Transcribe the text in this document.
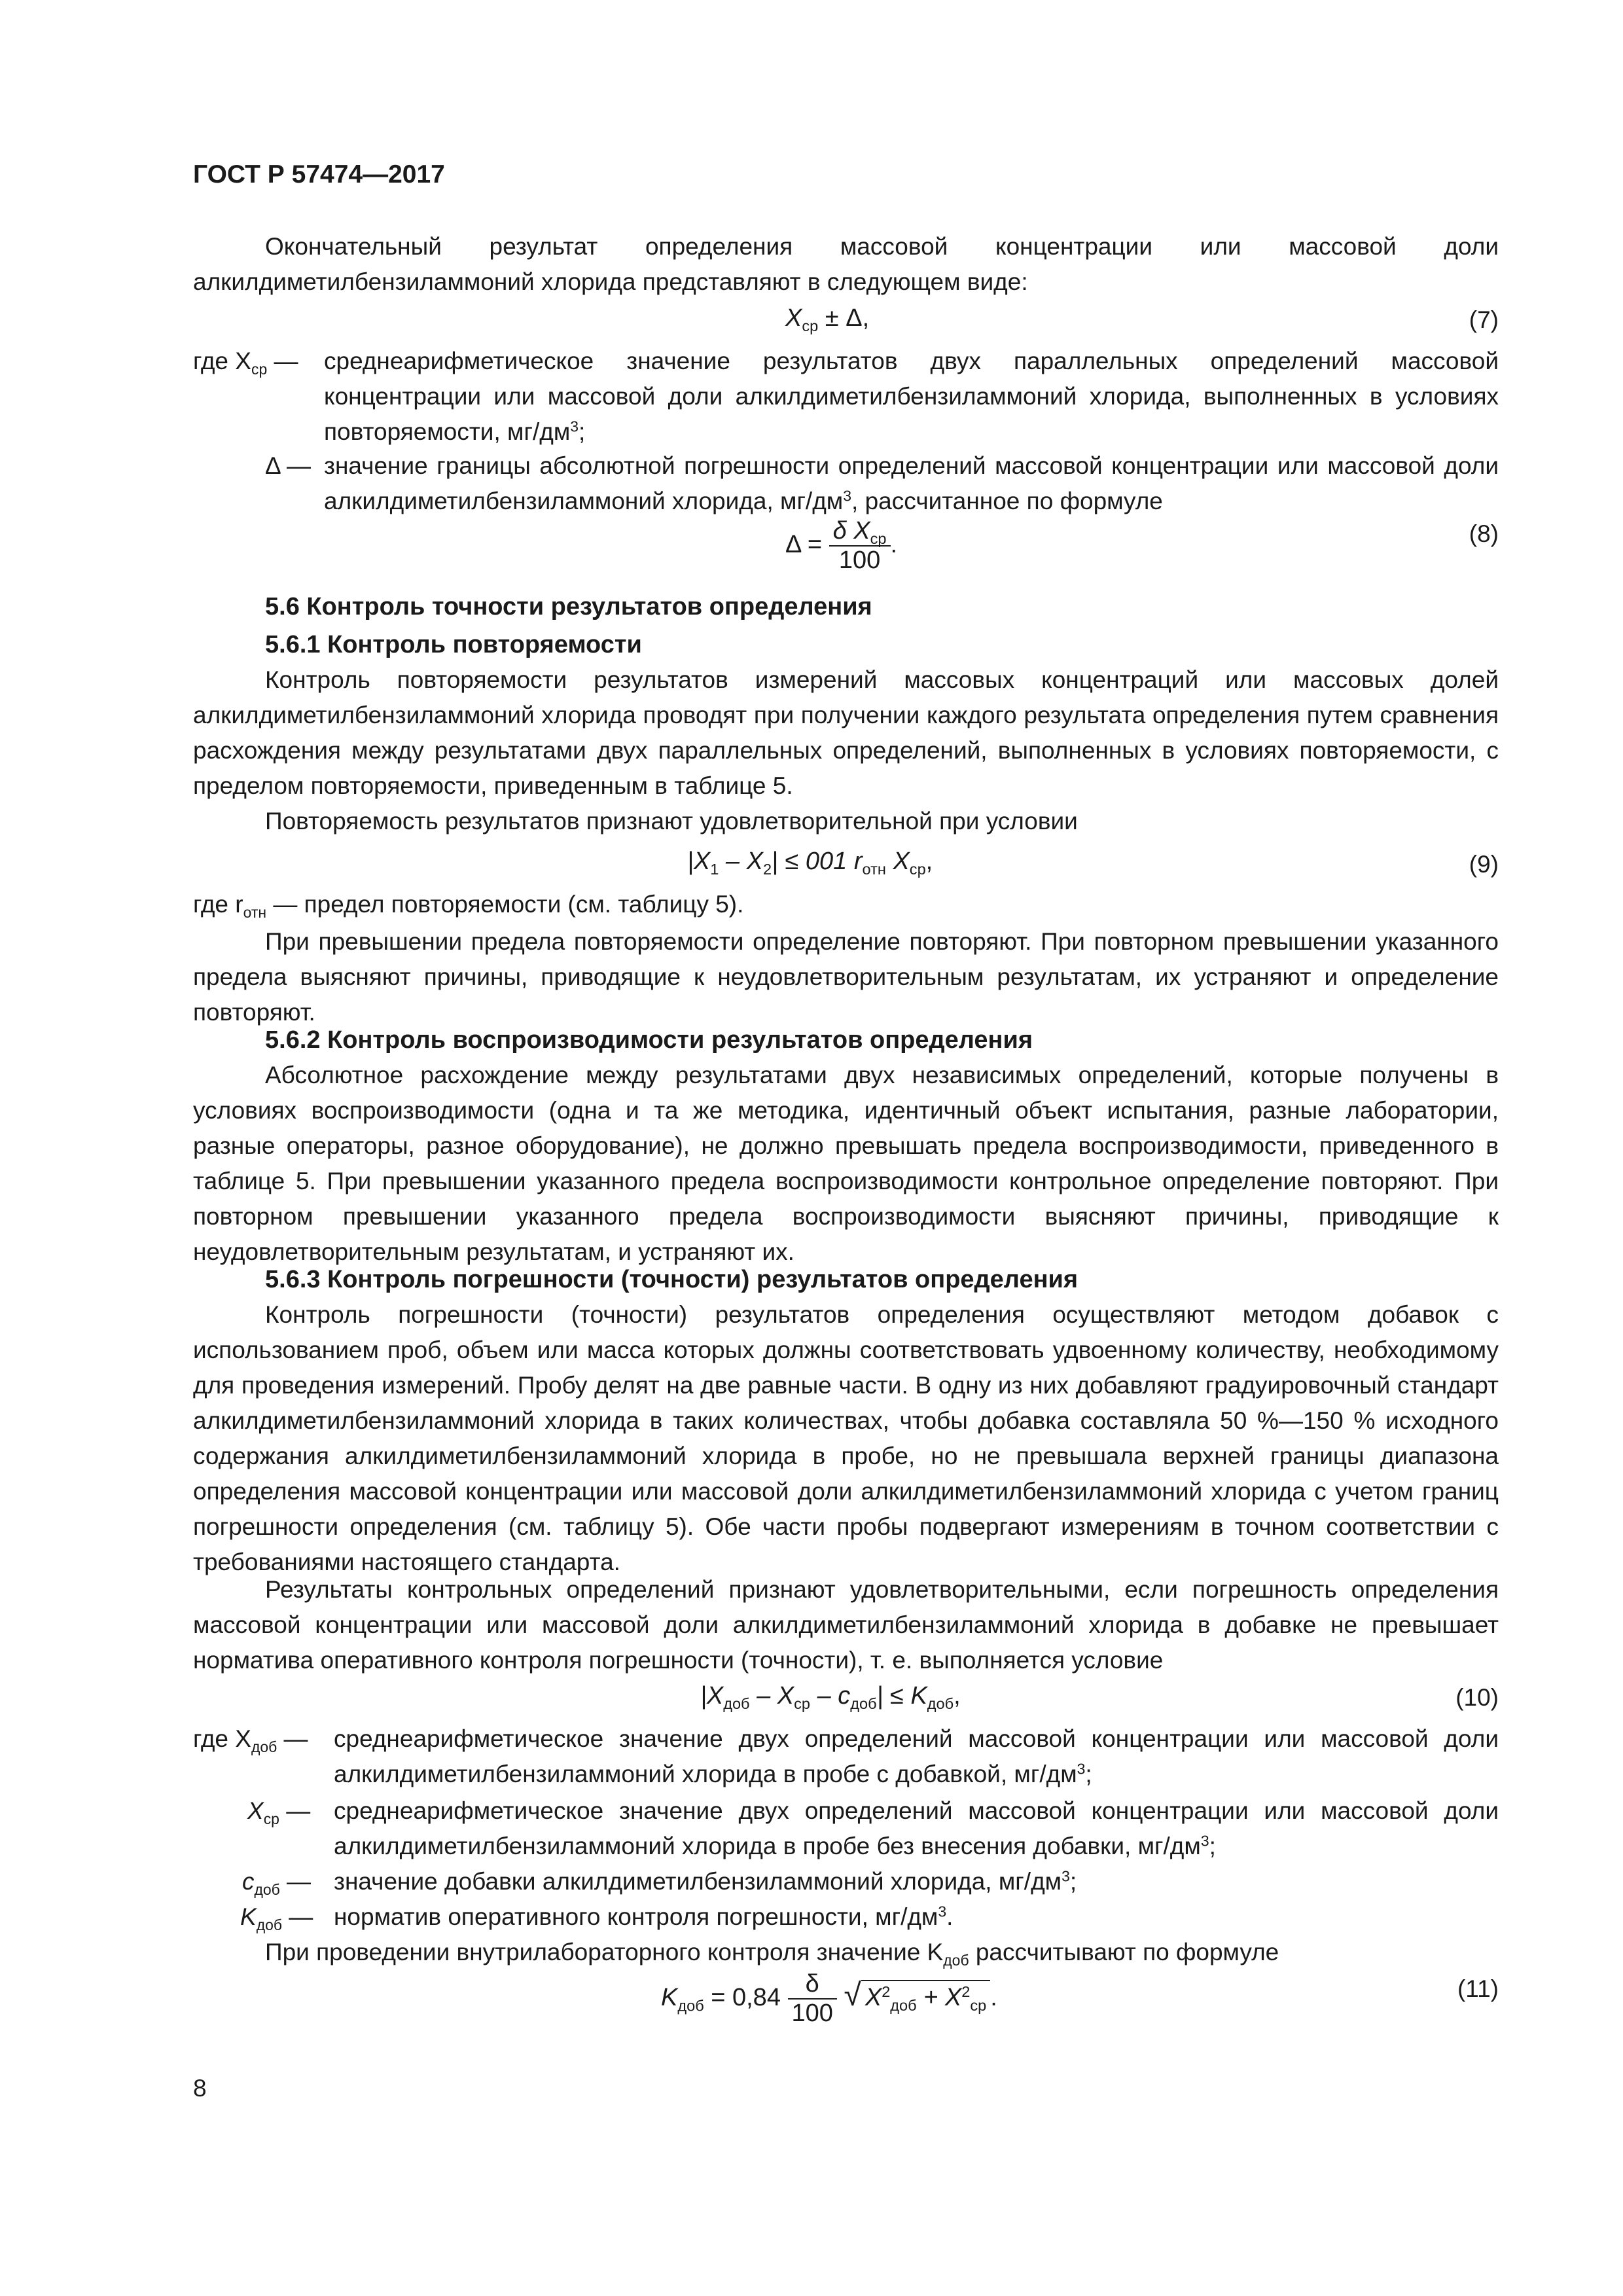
ГОСТ Р 57474—2017

Окончательный результат определения массовой концентрации или массовой доли алкилдиметилбензиламмоний хлорида представляют в следующем виде:

$X_{ср} \pm \Delta$,	(7)
где $X_{ср}$ — среднеарифметическое значение результатов двух параллельных определений массовой концентрации или массовой доли алкилдиметилбензиламмоний хлорида, выполненных в условиях повторяемости, $мг/дм^3$;

Δ — значение границы абсолютной погрешности определений массовой концентрации или массовой доли алкилдиметилбензиламмоний хлорида, $мг/дм^3$, рассчитанное по формуле

$\Delta = \frac{\delta X_{ср}}{100}$ .	(8)
5.6 Контроль точности результатов определения
5.6.1 Контроль повторяемости

Контроль повторяемости результатов измерений массовых концентраций или массовых долей алкилдиметилбензиламмоний хлорида проводят при получении каждого результата определения путем сравнения расхождения между результатами двух параллельных определений, выполненных в условиях повторяемости, с пределом повторяемости, приведенным в таблице 5.

Повторяемость результатов признают удовлетворительной при условии

$|X_1 - X_2| \le 001$ $r_{отн}$ $X_{ср}$,	(9)
где $r_{отн}$ — предел повторяемости (см. таблицу 5).

При превышении предела повторяемости определение повторяют. При повторном превышении указанного предела выясняют причины, приводящие к неудовлетворительным результатам, их устраняют и определение повторяют.

5.6.2 Контроль воспроизводимости результатов определения

Абсолютное расхождение между результатами двух независимых определений, которые получены в условиях воспроизводимости (одна и та же методика, идентичный объект испытания, разные лаборатории, разные операторы, разное оборудование), не должно превышать предела воспроизводимости, приведенного в таблице 5. При превышении указанного предела воспроизводимости контрольное определение повторяют. При повторном превышении указанного предела воспроизводимости выясняют причины, приводящие к неудовлетворительным результатам, и устраняют их.

5.6.3 Контроль погрешности (точности) результатов определения

Контроль погрешности (точности) результатов определения осуществляют методом добавок с использованием проб, объем или масса которых должны соответствовать удвоенному количеству, необходимому для проведения измерений. Пробу делят на две равные части. В одну из них добавляют градуировочный стандарт алкилдиметилбензиламмоний хлорида в таких количествах, чтобы добавка составляла 50 %—150 % исходного содержания алкилдиметилбензиламмоний хлорида в пробе, но не превышала верхней границы диапазона определения массовой концентрации или массовой доли алкилдиметилбензиламмоний хлорида с учетом границ погрешности определения (см. таблицу 5). Обе части пробы подвергают измерениям в точном соответствии с требованиями настоящего стандарта.

Результаты контрольных определений признают удовлетворительными, если погрешность определения массовой концентрации или массовой доли алкилдиметилбензиламмоний хлорида в добавке не превышает норматива оперативного контроля погрешности (точности), т. е. выполняется условие

$|X_{доб} - X_{ср} - c_{доб}| \le K_{доб}$,	(10)
где $X_{доб}$ — среднеарифметическое значение двух определений массовой концентрации или массовой доли алкилдиметилбензиламмоний хлорида в пробе с добавкой, $мг/дм^3$;

$X_{ср}$ — среднеарифметическое значение двух определений массовой концентрации или массовой доли алкилдиметилбензиламмоний хлорида в пробе без внесения добавки, $мг/дм^3$;

$c_{доб}$ — значение добавки алкилдиметилбензиламмоний хлорида, $мг/дм^3$;

$K_{доб}$ — норматив оперативного контроля погрешности, $мг/дм^3$.

При проведении внутрилабораторного контроля значение $K_{доб}$ рассчитывают по формуле
$K_{доб} = 0,84 \frac{\delta}{100}$ √ $X^2_{доб} + X^2_{ср}$ .	(11)
8
